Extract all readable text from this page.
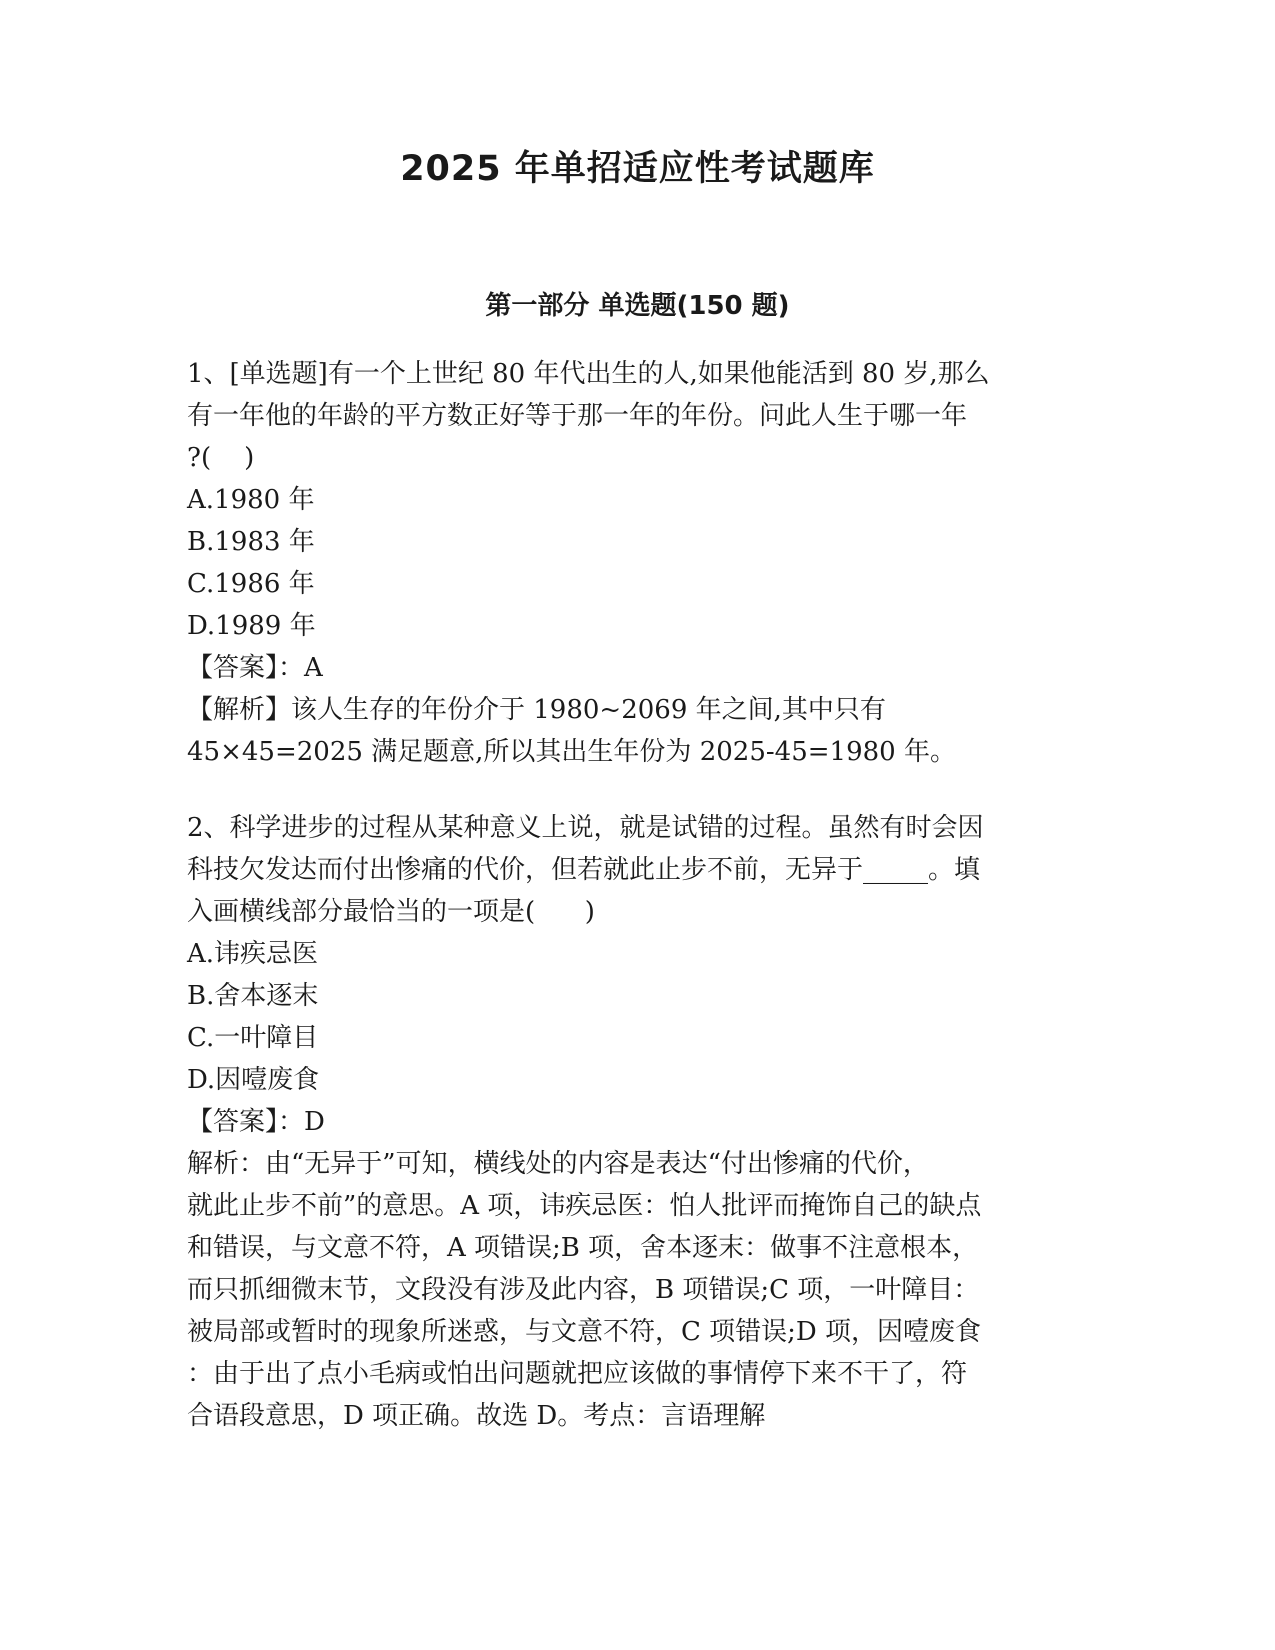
2025 年单招适应性考试题库
第一部分 单选题(150 题)
1、[单选题]有一个上世纪 80 年代出生的人,如果他能活到 80 岁,那么
有一年他的年龄的平方数正好等于那一年的年份。问此人生于哪一年
?(    )
A.1980 年
B.1983 年
C.1986 年
D.1989 年
【答案】：A
【解析】该人生存的年份介于 1980~2069 年之间,其中只有
45×45=2025 满足题意,所以其出生年份为 2025-45=1980 年。
2、科学进步的过程从某种意义上说，就是试错的过程。虽然有时会因
科技欠发达而付出惨痛的代价，但若就此止步不前，无异于_____。填
入画横线部分最恰当的一项是(      )
A.讳疾忌医
B.舍本逐末
C.一叶障目
D.因噎废食
【答案】：D
解析：由“无异于”可知，横线处的内容是表达“付出惨痛的代价，
就此止步不前”的意思。A 项，讳疾忌医：怕人批评而掩饰自己的缺点
和错误，与文意不符，A 项错误;B 项，舍本逐末：做事不注意根本，
而只抓细微末节，文段没有涉及此内容，B 项错误;C 项，一叶障目：
被局部或暂时的现象所迷惑，与文意不符，C 项错误;D 项，因噎废食
：由于出了点小毛病或怕出问题就把应该做的事情停下来不干了，符
合语段意思，D 项正确。故选 D。考点：言语理解
